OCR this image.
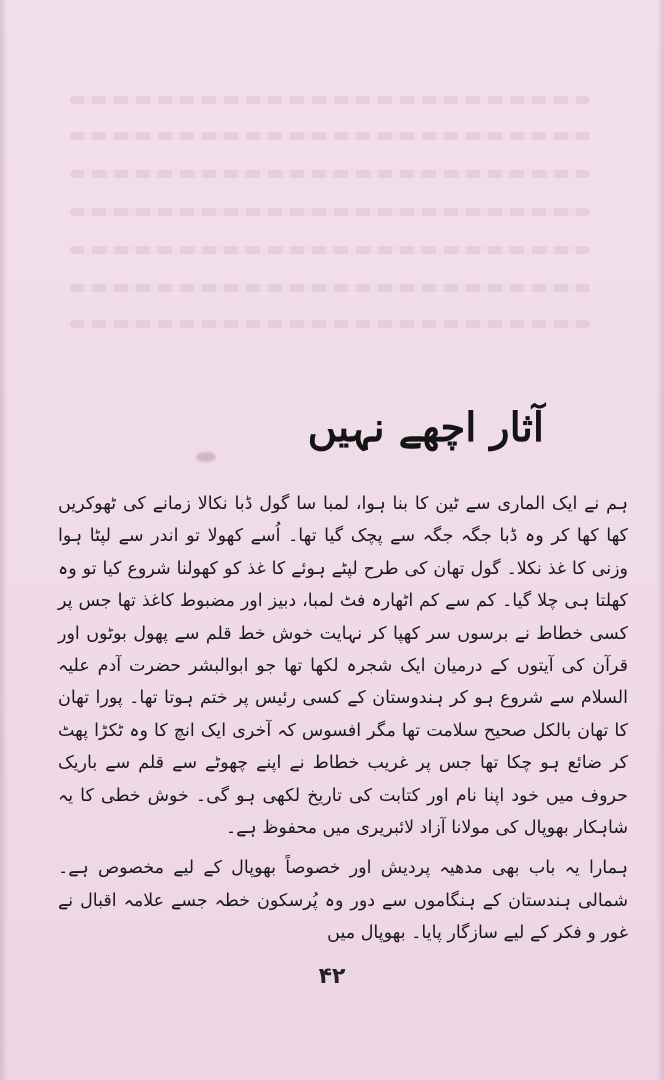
آثار اچھے نہیں

ہم نے ایک الماری سے ٹین کا بنا ہوا، لمبا سا گول ڈبا نکالا زمانے کی ٹھوکریں کھا کھا کر وہ ڈبا جگہ جگہ سے پچک گیا تھا۔ اُسے کھولا تو اندر سے لپٹا ہوا وزنی کا غذ نکلا۔ گول تھان کی طرح لپٹے ہوئے کا غذ کو کھولنا شروع کیا تو وہ کھلتا ہی چلا گیا۔ کم سے کم اٹھارہ فٹ لمبا، دبیز اور مضبوط کاغذ تھا جس پر کسی خطاط نے برسوں سر کھپا کر نہایت خوش خط قلم سے پھول بوٹوں اور قرآن کی آیتوں کے درمیان ایک شجرہ لکھا تھا جو ابوالبشر حضرت آدم علیہ السلام سے شروع ہو کر ہندوستان کے کسی رئیس پر ختم ہوتا تھا۔ پورا تھان کا تھان بالکل صحیح سلامت تھا مگر افسوس کہ آخری ایک انچ کا وہ ٹکڑا پھٹ کر ضائع ہو چکا تھا جس پر غریب خطاط نے اپنے چھوٹے سے قلم سے باریک حروف میں خود اپنا نام اور کتابت کی تاریخ لکھی ہو گی۔ خوش خطی کا یہ شاہکار بھوپال کی مولانا آزاد لائبریری میں محفوظ ہے۔

ہمارا یہ باب بھی مدھیہ پردیش اور خصوصاً بھوپال کے لیے مخصوص ہے۔ شمالی ہندستان کے ہنگاموں سے دور وہ پُرسکون خطہ جسے علامہ اقبال نے غور و فکر کے لیے سازگار پایا۔ بھوپال میں

۴۲
